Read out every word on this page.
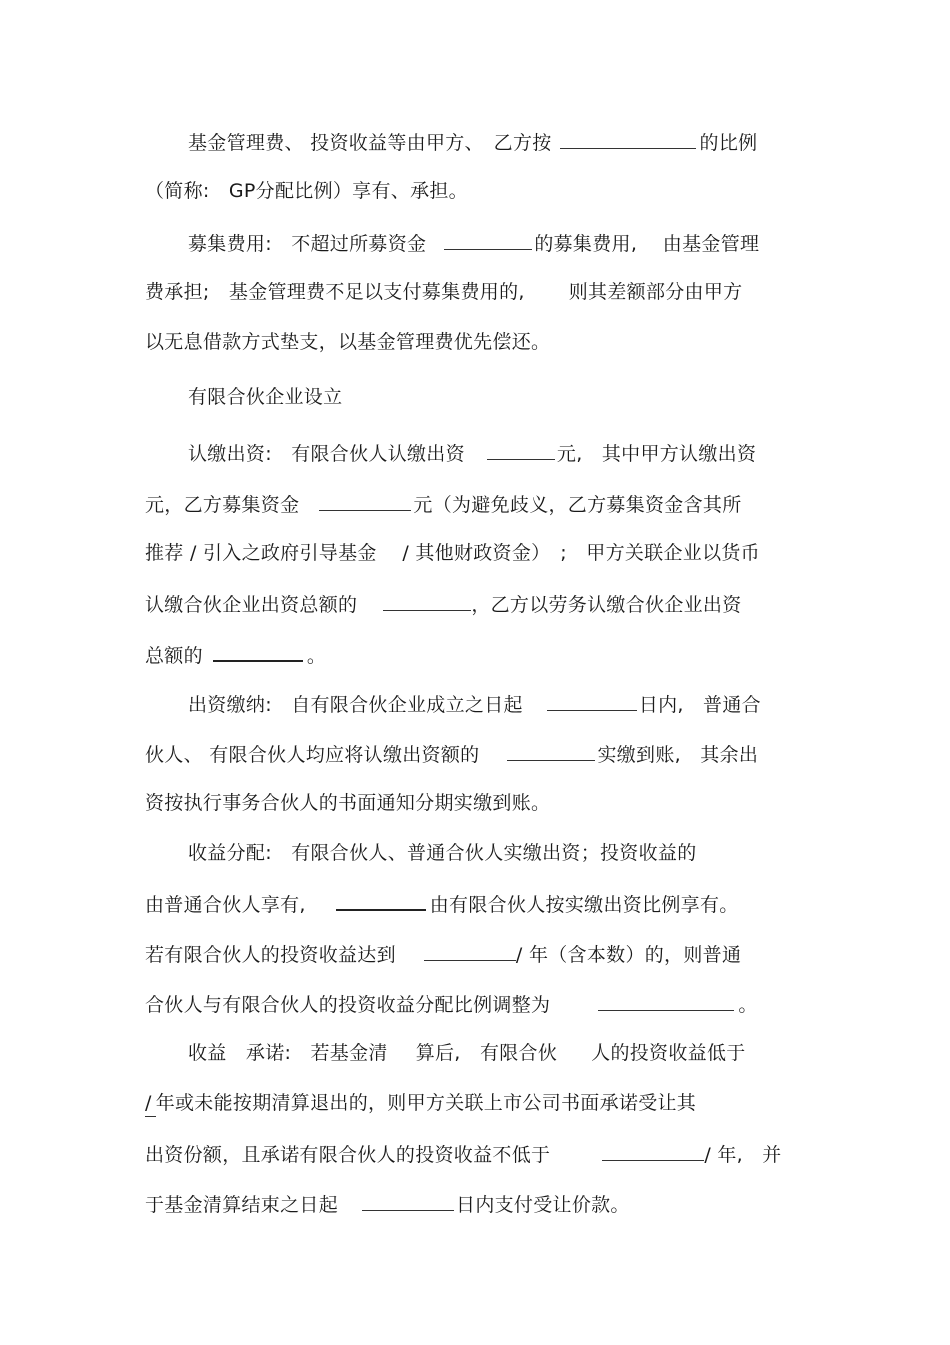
基金管理费、 投资收益等由甲方、　乙方按	的比例
（简称:　GP分配比例）享有、承担。
募集费用:　不超过所募资金	的募集费用,　 由基金管理
费承担;　基金管理费不足以支付募集费用的, 则其差额部分由甲方
以无息借款方式垫支，以基金管理费优先偿还。
有限合伙企业设立
认缴出资:　有限合伙人认缴出资	元,　其中甲方认缴出资
元，乙方募集资金	元（为避免歧义，乙方募集资金含其所
推荐 / 引入之政府引导基金　 / 其他财政资金）　;　甲方关联企业以货币
认缴合伙企业出资总额的	，乙方以劳务认缴合伙企业出资
总额的	。
出资缴纳:　自有限合伙企业成立之日起	日内,　普通合
伙人、 有限合伙人均应将认缴出资额的	实缴到账,　其余出
资按执行事务合伙人的书面通知分期实缴到账。
收益分配:　有限合伙人、普通合伙人实缴出资；投资收益的
由普通合伙人享有,	由有限合伙人按实缴出资比例享有。
若有限合伙人的投资收益达到	/ 年（含本数）的，则普通
合伙人与有限合伙人的投资收益分配比例调整为	。
收益　承诺:　若基金清 算后,　有限合伙 人的投资收益低于
/ 年或未能按期清算退出的，则甲方关联上市公司书面承诺受让其
出资份额，且承诺有限合伙人的投资收益不低于	/ 年,　并
于基金清算结束之日起	日内支付受让价款。
